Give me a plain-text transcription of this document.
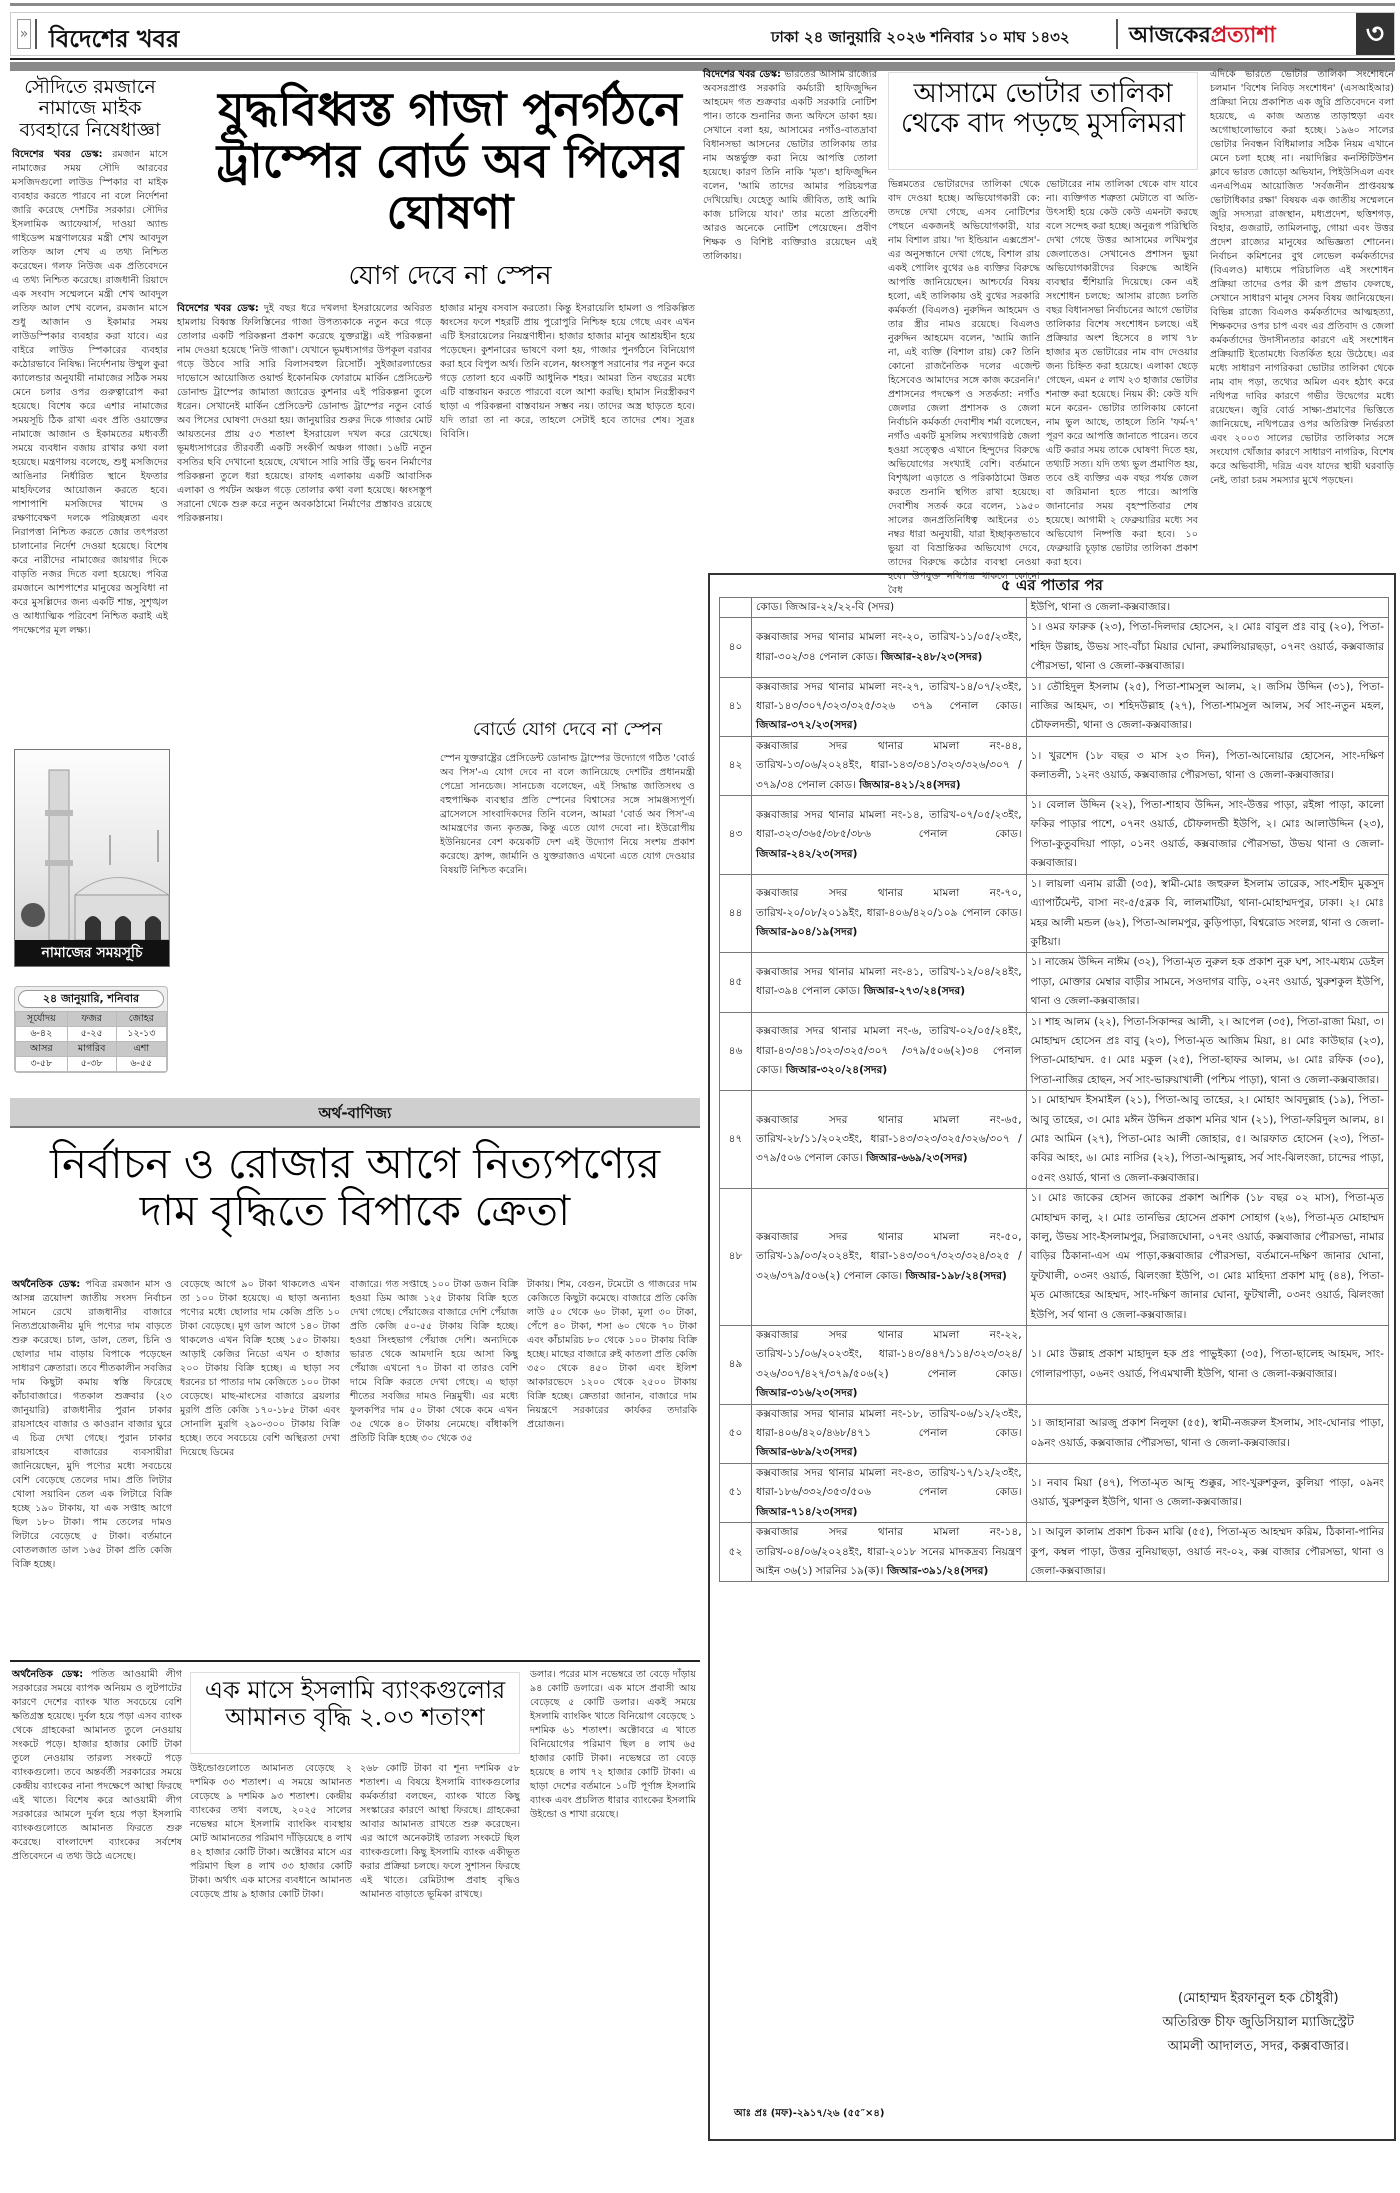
» বিদেশের খবর	ঢাকা ২৪ জানুয়ারি ২০২৬ শনিবার ১০ মাঘ ১৪৩২	আজকেরপ্রত্যাশা	৩
সৌদিতে রমজানে নামাজে মাইক ব্যবহারে নিষেধাজ্ঞা
বিদেশের খবর ডেস্ক: রমজান মাসে নামাজের সময় সৌদি আরবের মসজিদগুলো লাউড স্পিকার বা মাইক ব্যবহার করতে পারবে না বলে নির্দেশনা জারি করেছে দেশটির সরকার। সৌদির ইসলামিক অ্যাফেয়ার্স, দাওয়া অ্যান্ড গাইডেন্স মন্ত্রণালয়ের মন্ত্রী শেখ আবদুল লতিফ আল শেখ এ তথ্য নিশ্চিত করেছেন। গলফ নিউজ এক প্রতিবেদনে এ তথ্য নিশ্চিত করেছে। রাজধানী রিয়াদে এক সংবাদ সম্মেলনে মন্ত্রী শেখ আবদুল লতিফ আল শেখ বলেন, রমজান মাসে শুধু আজান ও ইকামার সময় লাউডস্পিকার ব্যবহার করা যাবে। এর বাইরে লাউড স্পিকারের ব্যবহার কঠোরভাবে নিষিদ্ধ। নির্দেশনায় উম্মুল কুরা ক্যালেন্ডার অনুযায়ী নামাজের সঠিক সময় মেনে চলার ওপর গুরুত্বারোপ করা হয়েছে। বিশেষ করে এশার নামাজের সময়সূচি ঠিক রাখা এবং প্রতি ওয়াক্তের নামাজে আজান ও ইকামতের মধ্যবর্তী সময়ে ব্যবধান বজায় রাখার কথা বলা হয়েছে। মন্ত্রণালয় বলেছে, শুধু মসজিদের আঙিনার নির্ধারিত স্থানে ইফতার মাহফিলের আয়োজন করতে হবে। পাশাপাশি মসজিদের খাদেম ও রক্ষণাবেক্ষণ দলকে পরিচ্ছন্নতা এবং নিরাপত্তা নিশ্চিত করতে জোর তৎপরতা চালানোর নির্দেশ দেওয়া হয়েছে। বিশেষ করে নারীদের নামাজের জায়গার দিকে বাড়তি নজর দিতে বলা হয়েছে। পবিত্র রমজানে আশপাশের মানুষের অসুবিধা না করে মুসল্লিদের জন্য একটি শান্ত, সুশৃঙ্খল ও আধ্যাত্মিক পরিবেশ নিশ্চিত করাই এই পদক্ষেপের মূল লক্ষ্য।
নামাজের সময়সূচি
২৪ জানুয়ারি, শনিবার
সূর্যোদয়	ফজর	জোহর
৬-৪২	৫-২৫	১২-১৩
আসর	মাগরিব	এশা
৩-৫৮	৫-৩৮	৬-৫৫
যুদ্ধবিধ্বস্ত গাজা পুনর্গঠনে ট্রাম্পের বোর্ড অব পিসের ঘোষণা
যোগ দেবে না স্পেন
বিদেশের খবর ডেস্ক: দুই বছর ধরে দখলদা ইসরায়েলের অবিরত হামলায় বিধ্বস্ত ফিলিস্তিনের গাজা উপত্যকাকে নতুন করে গড়ে তোলার একটি পরিকল্পনা প্রকাশ করেছে যুক্তরাষ্ট্র। এই পরিকল্পনা নাম দেওয়া হয়েছে 'নিউ গাজা'। যেখানে ভূমধ্যসাগর উপকূল বরাবর গড়ে উঠবে সারি সারি বিলাসবহুল রিসোর্ট। সুইজারল্যান্ডের দাভোসে আয়োজিত ওয়ার্ল্ড ইকোনমিক ফোরামে মার্কিন প্রেসিডেন্ট ডোনাল্ড ট্রাম্পের জামাতা জ্যারেড কুশনার এই পরিকল্পনা তুলে ধরেন। সেখানেই মার্কিন প্রেসিডেন্ট ডোনাল্ড ট্রাম্পের নতুন বোর্ড অব পিসের ঘোষণা দেওয়া হয়। জানুয়ারির শুরুর দিকে গাজার মোট আয়তনের প্রায় ৫৩ শতাংশ ইসরায়েল দখল করে রেখেছে। ভূমধ্যসাগরের তীরবর্তী একটি সংকীর্ণ অঞ্চল গাজা। ১৬টি নতুন বসতির ছবি দেখানো হয়েছে, যেখানে সারি সারি উঁচু ভবন নির্মাণের পরিকল্পনা তুলে ধরা হয়েছে। রাফাহ এলাকায় একটি আবাসিক এলাকা ও পর্যটন অঞ্চল গড়ে তোলার কথা বলা হয়েছে। ধ্বংসস্তূপ সরানো থেকে শুরু করে নতুন অবকাঠামো নির্মাণের প্রস্তাবও রয়েছে পরিকল্পনায়।
হাজার মানুষ বসবাস করতো। কিন্তু ইসরায়েলি হামলা ও পরিকল্পিত ধ্বংসের ফলে শহরটি প্রায় পুরোপুরি নিশ্চিহ্ন হয়ে গেছে এবং এখন এটি ইসরায়েলের নিয়ন্ত্রণাধীন। হাজার হাজার মানুষ আশ্রয়হীন হয়ে পড়েছেন। কুশনারের ভাষণে বলা হয়, গাজার পুনর্গঠনে বিনিয়োগ করা হবে বিপুল অর্থ। তিনি বলেন, ধ্বংসস্তূপ সরানোর পর নতুন করে গড়ে তোলা হবে একটি আধুনিক শহর। আমরা তিন বছরের মধ্যে এটি বাস্তবায়ন করতে পারবো বলে আশা করছি। হামাস নিরস্ত্রীকরণ ছাড়া এ পরিকল্পনা বাস্তবায়ন সম্ভব নয়। তাদের অস্ত্র ছাড়তে হবে। যদি তারা তা না করে, তাহলে সেটাই হবে তাদের শেষ। সূত্রঃ বিবিসি।
বোর্ডে যোগ দেবে না স্পেন
স্পেন যুক্তরাষ্ট্রের প্রেসিডেন্ট ডোনাল্ড ট্রাম্পের উদ্যোগে গঠিত 'বোর্ড অব পিস'-এ যোগ দেবে না বলে জানিয়েছে দেশটির প্রধানমন্ত্রী পেদ্রো সানচেজ। সানচেজ বলেছেন, এই সিদ্ধান্ত জাতিসংঘ ও বহুপাক্ষিক ব্যবস্থার প্রতি স্পেনের বিশ্বাসের সঙ্গে সামঞ্জস্যপূর্ণ। ব্রাসেলসে সাংবাদিকদের তিনি বলেন, আমরা 'বোর্ড অব পিস'-এ আমন্ত্রণের জন্য কৃতজ্ঞ, কিন্তু এতে যোগ দেবো না। ইউরোপীয় ইউনিয়নের বেশ কয়েকটি দেশ এই উদ্যোগ নিয়ে সংশয় প্রকাশ করেছে। ফ্রান্স, জার্মানি ও যুক্তরাজ্যও এখনো এতে যোগ দেওয়ার বিষয়টি নিশ্চিত করেনি।
বিদেশের খবর ডেস্ক: ভারতের আসাম রাজ্যের অবসরপ্রাপ্ত সরকারি কর্মচারী হাফিজুদ্দিন আহমেদ গত শুক্রবার একটি সরকারি নোটিশ পান। তাকে শুনানির জন্য অফিসে ডাকা হয়। সেখানে বলা হয়, আসামের নগাঁও-বাতদ্রাবা বিধানসভা আসনের ভোটার তালিকায় তার নাম অন্তর্ভুক্ত করা নিয়ে আপত্তি তোলা হয়েছে। কারণ তিনি নাকি 'মৃত'। হাফিজুদ্দিন বলেন, 'আমি তাদের আমার পরিচয়পত্র দেখিয়েছি। যেহেতু আমি জীবিত, তাই আমি কাজ চালিয়ে যাব।' তার মতো প্রতিবেশী আরও অনেকে নোটিশ পেয়েছেন। প্রবীণ শিক্ষক ও বিশিষ্ট ব্যক্তিরাও রয়েছেন এই তালিকায়।
আসামে ভোটার তালিকা থেকে বাদ পড়ছে মুসলিমরা
ভিন্নমতের ভোটারদের তালিকা থেকে বাদ দেওয়া হচ্ছে। অভিযোগকারী কে: তদন্তে দেখা গেছে, এসব নোটিশের পেছনে একজনই অভিযোগকারী, যার নাম বিশাল রায়। 'দ্য ইন্ডিয়ান এক্সপ্রেস'-এর অনুসন্ধানে দেখা গেছে, বিশাল রায় একই পোলিং বুথের ৬৪ ব্যক্তির বিরুদ্ধে আপত্তি জানিয়েছেন। আশ্চর্যের বিষয় হলো, এই তালিকায় ওই বুথের সরকারি কর্মকর্তা (বিএলও) নুরুদ্দিন আহমেদ ও তার স্ত্রীর নামও রয়েছে। বিএলও নুরুদ্দিন আহমেদ বলেন, 'আমি জানি না, এই ব্যক্তি (বিশাল রায়) কে? তিনি কোনো রাজনৈতিক দলের এজেন্ট হিসেবেও আমাদের সঙ্গে কাজ করেননি।' প্রশাসনের পদক্ষেপ ও সতর্কতা: নগাঁও জেলার জেলা প্রশাসক ও জেলা নির্বাচনি কর্মকর্তা দেবাশীষ শর্মা বলেছেন, নগাঁও একটি মুসলিম সংখ্যাগরিষ্ঠ জেলা হওয়া সত্ত্বেও এখানে হিন্দুদের বিরুদ্ধে অভিযোগের সংখ্যাই বেশি। বর্তমানে বিশৃঙ্খলা এড়াতে ও পরিকাঠামো উন্নত করতে শুনানি স্থগিত রাখা হয়েছে। দেবাশীষ সতর্ক করে বলেন, ১৯৫০ সালের জনপ্রতিনিধিত্ব আইনের ৩১ নম্বর ধারা অনুযায়ী, যারা ইচ্ছাকৃতভাবে ভুয়া বা বিভ্রান্তিকর অভিযোগ দেবে, তাদের বিরুদ্ধে কঠোর ব্যবস্থা নেওয়া হবে। উপযুক্ত নথিপত্র থাকলে কোনো বৈধ
ভোটারের নাম তালিকা থেকে বাদ যাবে না। ব্যক্তিগত শত্রুতা মেটাতে বা অতি-উৎসাহী হয়ে কেউ কেউ এমনটা করছে বলে সন্দেহ করা হচ্ছে। অনুরূপ পরিস্থিতি দেখা গেছে উত্তর আসামের লখিমপুর জেলাতেও। সেখানেও প্রশাসন ভুয়া অভিযোগকারীদের বিরুদ্ধে আইনি ব্যবস্থার হুঁশিয়ারি দিয়েছে। কেন এই সংশোধন চলছে: আসাম রাজ্যে চলতি বছর বিধানসভা নির্বাচনের আগে ভোটার তালিকার বিশেষ সংশোধন চলছে। এই প্রক্রিয়ার অংশ হিসেবে ৪ লাখ ৭৮ হাজার মৃত ভোটারের নাম বাদ দেওয়ার জন্য চিহ্নিত করা হয়েছে। এলাকা ছেড়ে গেছেন, এমন ৫ লাখ ২৩ হাজার ভোটার শনাক্ত করা হয়েছে। নিয়ম কী: কেউ যদি মনে করেন- ভোটার তালিকায় কোনো নাম ভুল আছে, তাহলে তিনি 'ফর্ম-৭' পূরণ করে আপত্তি জানাতে পারেন। তবে এটি করার সময় তাকে ঘোষণা দিতে হয়, তথ্যটি সত্য। যদি তথ্য ভুল প্রমাণিত হয়, তবে ওই ব্যক্তির এক বছর পর্যন্ত জেল বা জরিমানা হতে পারে। আপত্তি জানানোর সময় বৃহস্পতিবার শেষ হয়েছে। আগামী ২ ফেব্রুয়ারির মধ্যে সব অভিযোগ নিষ্পত্তি করা হবে। ১০ ফেব্রুয়ারি চূড়ান্ত ভোটার তালিকা প্রকাশ করা হবে।
এদিকে ভারতে ভোটার তালিকা সংশোধনে চলমান 'বিশেষ নিবিড় সংশোধন' (এসআইআর) প্রক্রিয়া নিয়ে প্রকাশিত এক জুরি প্রতিবেদনে বলা হয়েছে, এ কাজ অত্যন্ত তাড়াহুড়া এবং অগোছালোভাবে করা হচ্ছে। ১৯৬০ সালের ভোটার নিবন্ধন বিধিমালার সঠিক নিয়ম এখানে মেনে চলা হচ্ছে না। নয়াদিল্লির কনস্টিটিউশন ক্লাবে ভারত জোড়ো অভিযান, পিইউসিএল এবং এনএপিএম আয়োজিত 'সর্বজনীন প্রাপ্তবয়স্ক ভোটাধিকার রক্ষা' বিষয়ক এক জাতীয় সম্মেলনে জুরি সদস্যরা রাজস্থান, মধ্যপ্রদেশ, ছত্তিশগড়, বিহার, গুজরাট, তামিলনাড়ু, গোয়া এবং উত্তর প্রদেশ রাজ্যের মানুষের অভিজ্ঞতা শোনেন। নির্বাচন কমিশনের বুথ লেভেল কর্মকর্তাদের (বিএলও) মাধ্যমে পরিচালিত এই সংশোধন প্রক্রিয়া তাদের ওপর কী রূপ প্রভাব ফেলছে, সেখানে সাধারণ মানুষ সেসব বিষয় জানিয়েছেন। বিভিন্ন রাজ্যে বিএলও কর্মকর্তাদের আত্মহত্যা, শিক্ষকদের ওপর চাপ এবং এর প্রতিবাদ ও জেলা কর্মকর্তাদের উদাসীনতার কারণে এই সংশোধন প্রক্রিয়াটি ইতোমধ্যে বিতর্কিত হয়ে উঠেছে। এর মধ্যে সাধারণ নাগরিকরা ভোটার তালিকা থেকে নাম বাদ পড়া, তথ্যের অমিল এবং হঠাৎ করে নথিপত্র দাবির কারণে গভীর উদ্বেগের মধ্যে রয়েছেন। জুরি বোর্ড সাক্ষ্য-প্রমাণের ভিত্তিতে জানিয়েছে, নথিপত্রের ওপর অতিরিক্ত নির্ভরতা এবং ২০০৩ সালের ভোটার তালিকার সঙ্গে সংযোগ খোঁজার কারণে সাধারণ নাগরিক, বিশেষ করে অভিবাসী, দরিদ্র এবং যাদের স্থায়ী ঘরবাড়ি নেই, তারা চরম সমস্যার মুখে পড়ছেন।
৫ এর পাতার পর
	কোড। জিআর-২২/২২-বি (সদর)	ইউপি, থানা ও জেলা-কক্সবাজার।
৪০	কক্সবাজার সদর থানার মামলা নং-২০, তারিখ-১১/০৫/২৩ইং, ধারা-৩০২/৩৪ পেনাল কোড। জিআর-২৪৮/২৩(সদর)	১। ওমর ফারুক (২৩), পিতা-দিলদার হোসেন, ২। মোঃ বাবুল প্রঃ বাবু (২০), পিতা-শহিদ উল্লাহ, উভয় সাং-বাঁচা মিয়ার ঘোনা, রুমালিয়ারছড়া, ০৭নং ওয়ার্ড, কক্সবাজার পৌরসভা, থানা ও জেলা-কক্সবাজার।
৪১	কক্সবাজার সদর থানার মামলা নং-২৭, তারিখ-১৪/০৭/২৩ইং, ধারা-১৪৩/৩০৭/৩২৩/৩২৫/৩২৬ ৩৭৯ পেনাল কোড। জিআর-৩৭২/২৩(সদর)	১। তৌহিদুল ইসলাম (২৫), পিতা-শামসুল আলম, ২। জসিম উদ্দিন (৩১), পিতা-নাজির আহমদ, ৩। শহিদউল্লাহ (২৭), পিতা-শামসুল আলম, সর্ব সাং-নতুন মহল, চৌফলদন্ডী, থানা ও জেলা-কক্সবাজার।
৪২	কক্সবাজার সদর থানার মামলা নং-৪৪, তারিখ-১৩/০৬/২০২৪ইং, ধারা-১৪৩/৩৪১/৩২৩/৩২৬/৩০৭ /৩৭৯/৩৪ পেনাল কোড। জিআর-৪২১/২৪(সদর)	১। খুরশেদ (১৮ বছর ৩ মাস ২৩ দিন), পিতা-আনোয়ার হোসেন, সাং-দক্ষিণ কলাতলী, ১২নং ওয়ার্ড, কক্সবাজার পৌরসভা, থানা ও জেলা-কক্সবাজার।
৪৩	কক্সবাজার সদর থানার মামলা নং-১৪, তারিখ-০৭/০৫/২৩ইং, ধারা-৩২৩/৩৬৫/৩৮৫/৩৮৬ পেনাল কোড। জিআর-২৪২/২৩(সদর)	১। বেলাল উদ্দিন (২২), পিতা-শাহাব উদ্দিন, সাং-উত্তর পাড়া, রইঙ্গা পাড়া, কালো ফকির পাড়ার পাশে, ০৭নং ওয়ার্ড, চৌফলদন্ডী ইউপি, ২। মোঃ আলাউদ্দিন (২৩), পিতা-কুতুবদিয়া পাড়া, ০১নং ওয়ার্ড, কক্সবাজার পৌরসভা, উভয় থানা ও জেলা-কক্সবাজার।
৪৪	কক্সবাজার সদর থানার মামলা নং-৭০, তারিখ-২০/০৮/২০১৯ইং, ধারা-৪০৬/৪২০/১০৯ পেনাল কোড। জিআর-৯০৪/১৯(সদর)	১। লায়লা এনাম রাত্রী (৩৫), স্বামী-মোঃ জহুরুল ইসলাম তারেক, সাং-শহীদ মুকসুদ এ্যাপার্টমেন্ট, বাসা নং-৫/৫ব্লক বি, লালমাটিয়া, থানা-মোহাম্মদপুর, ঢাকা। ২। মোঃ মহর আলী মন্ডল (৬২), পিতা-আলমপুর, কুড়িপাড়া, বিশ্বরোড সংলগ্ন, থানা ও জেলা-কুষ্টিয়া।
৪৫	কক্সবাজার সদর থানার মামলা নং-৪১, তারিখ-১২/০৪/২৪ইং, ধারা-৩৯৪ পেনাল কোড। জিআর-২৭৩/২৪(সদর)	১। নাজেম উদ্দিন নাঈম (৩২), পিতা-মৃত নুরুল হক প্রকাশ নুরু ঘশ, সাং-মধ্যম ডেইল পাড়া, মোক্তার মেম্বার বাড়ীর সামনে, সওদাগর বাড়ি, ০২নং ওয়ার্ড, খুরুশকুল ইউপি, থানা ও জেলা-কক্সবাজার।
৪৬	কক্সবাজার সদর থানার মামলা নং-৬, তারিখ-০২/০৫/২৪ইং, ধারা-৪৩/৩৪১/৩২৩/৩২৫/৩০৭ /৩৭৯/৫০৬(২)৩৪ পেনাল কোড। জিআর-৩২০/২৪(সদর)	১। শাহ আলম (২২), পিতা-সিকান্দর আলী, ২। আপেল (৩৫), পিতা-রাজা মিয়া, ৩। মোহাম্মদ হোসেন প্রঃ বাবু (২৩), পিতা-মৃত আজিম মিয়া, ৪। মোঃ কাউছার (২৩), পিতা-মোহাম্মদ. ৫। মোঃ মকুল (২৫), পিতা-ছাফর আলম, ৬। মোঃ রফিক (৩০), পিতা-নাজির হোছন, সর্ব সাং-ভারুয়াখালী (পশ্চিম পাড়া), থানা ও জেলা-কক্সবাজার।
৪৭	কক্সবাজার সদর থানার মামলা নং-৬৫, তারিখ-২৮/১১/২০২৩ইং, ধারা-১৪৩/৩২৩/৩২৫/৩২৬/৩০৭ /৩৭৯/৫০৬ পেনাল কোড। জিআর-৬৬৯/২৩(সদর)	১। মোহাম্মদ ইসমাইল (২১), পিতা-আবু তাহের, ২। মোহাং আবদুল্লাহ (১৯), পিতা-আবু তাহের, ৩। মোঃ মঈন উদ্দিন প্রকাশ মনির খান (২১), পিতা-ফরিদুল আলম, ৪। মোঃ আমিন (২৭), পিতা-মোঃ আলী জোহার, ৫। আরফাত হোসেন (২৩), পিতা-কবির আহং, ৬। মোঃ নাসির (২২), পিতা-আব্দুল্লাহ, সর্ব সাং-ঝিলংজা, চান্দের পাড়া, ০৫নং ওয়ার্ড, থানা ও জেলা-কক্সবাজার।
৪৮	কক্সবাজার সদর থানার মামলা নং-৫০, তারিখ-১৯/০৩/২০২৪ইং, ধারা-১৪৩/৩০৭/৩২৩/৩২৪/৩২৫ /৩২৬/৩৭৯/৫০৬(২) পেনাল কোড। জিআর-১৯৮/২৪(সদর)	১। মোঃ জাকের হোসন জাকের প্রকাশ আশিক (১৮ বছর ০২ মাস), পিতা-মৃত মোহাম্মদ কালু, ২। মোঃ তানভির হোসেন প্রকাশ সোহাগ (২৬), পিতা-মৃত মোহাম্মদ কালু, উভয় সাং-ইসলামপুর, সিরাজঘোনা, ০৭নং ওয়ার্ড, কক্সবাজার পৌরসভা, নামার বাড়ির ঠিকানা-এস এম পাড়া,কক্সবাজার পৌরসভা, বর্তমানে-দক্ষিণ জানার ঘোনা, ফুটখালী, ০৩নং ওয়ার্ড, ঝিলংজা ইউপি, ৩। মোঃ মাহিদ্যা প্রকাশ মাদু (৪৪), পিতা-মৃত মোজাহের আহম্মদ, সাং-দক্ষিণ জানার ঘোনা, ফুটখালী, ০৩নং ওয়ার্ড, ঝিলংজা ইউপি, সর্ব থানা ও জেলা-কক্সবাজার।
৪৯	কক্সবাজার সদর থানার মামলা নং-২২, তারিখ-১১/০৬/২০২৩ইং, ধারা-১৪৩/৪৪৭/১১৪/৩২৩/৩২৪/ ৩২৬/৩০৭/৪২৭/৩৭৯/৫০৬(২) পেনাল কোড। জিআর-৩১৬/২৩(সদর)	১। মোঃ উল্লাহ প্রকাশ মাহাদুল হক প্রঃ পাভুইক্যা (৩৫), পিতা-ছালেহ আহমদ, সাং-গোলারপাড়া, ০৬নং ওয়ার্ড, পিএমখালী ইউপি, থানা ও জেলা-কক্সবাজার।
৫০	কক্সবাজার সদর থানার মামলা নং-১৮, তারিখ-০৬/১২/২৩ইং, ধারা-৪০৬/৪২০/৪৬৮/৪৭১ পেনাল কোড। জিআর-৬৮৯/২৩(সদর)	১। জাহানারা আরজু প্রকাশ নিলুফা (৫৫), স্বামী-নজরুল ইসলাম, সাং-ঘোনার পাড়া, ০৯নং ওয়ার্ড, কক্সবাজার পৌরসভা, থানা ও জেলা-কক্সবাজার।
৫১	কক্সবাজার সদর থানার মামলা নং-৪৩, তারিখ-১৭/১২/২৩ইং, ধারা-১৮৬/৩৩২/৩৫৩/৫০৬ পেনাল কোড। জিআর-৭১৪/২৩(সদর)	১। নবাব মিয়া (৪৭), পিতা-মৃত আব্দু শুক্কুর, সাং-খুরুশকুল, কুলিয়া পাড়া, ০৯নং ওয়ার্ড, খুরুশকুল ইউপি, থানা ও জেলা-কক্সবাজার।
৫২	কক্সবাজার সদর থানার মামলা নং-১৪, তারিখ-০৪/০৬/২০২৪ইং, ধারা-২০১৮ সনের মাদকদ্রব্য নিয়ন্ত্রণ আইন ৩৬(১) সারনির ১৯(ক)। জিআর-৩৯১/২৪(সদর)	১। আবুল কালাম প্রকাশ চিকন মাঝি (৫৫), পিতা-মৃত আহম্মদ করিম, ঠিকানা-পানির কুপ, কম্বল পাড়া, উত্তর নুনিয়াছড়া, ওয়ার্ড নং-০২, কক্স বাজার পৌরসভা, থানা ও জেলা-কক্সবাজার।
(মোহাম্মদ ইরফানুল হক চৌধুরী)
অতিরিক্ত চীফ জুডিসিয়াল ম্যাজিস্ট্রেট
আমলী আদালত, সদর, কক্সবাজার।
আঃ প্রঃ (মফ)-২৯১৭/২৬ (৫৫″×৪)
অর্থ-বাণিজ্য
নির্বাচন ও রোজার আগে নিত্যপণ্যের দাম বৃদ্ধিতে বিপাকে ক্রেতা
অর্থনৈতিক ডেস্ক: পবিত্র রমজান মাস ও আসন্ন ত্রয়োদশ জাতীয় সংসদ নির্বাচন সামনে রেখে রাজধানীর বাজারে নিত্যপ্রয়োজনীয় মুদি পণ্যের দাম বাড়তে শুরু করেছে। চাল, ডাল, তেল, চিনি ও ছোলার দাম বাড়ায় বিপাকে পড়েছেন সাধারণ ক্রেতারা। তবে শীতকালীন সবজির দাম কিছুটা কমায় স্বস্তি ফিরেছে কাঁচাবাজারে। গতকাল শুক্রবার (২৩ জানুয়ারি) রাজধানীর পুরান ঢাকার রায়সাহেব বাজার ও কাওরান বাজার ঘুরে এ চিত্র দেখা গেছে। পুরান ঢাকার রায়সাহেব বাজারের ব্যবসায়ীরা জানিয়েছেন, মুদি পণ্যের মধ্যে সবচেয়ে বেশি বেড়েছে তেলের দাম। প্রতি লিটার খোলা সয়াবিন তেল এক লিটারে বিক্রি হচ্ছে ১৯০ টাকায়, যা এক সপ্তাহ আগে ছিল ১৮০ টাকা। পাম তেলের দামও লিটারে বেড়েছে ৫ টাকা। বর্তমানে বোতলজাত ডাল ১৬৫ টাকা প্রতি কেজি বিক্রি হচ্ছে।
বেড়েছে আগে ৯০ টাকা থাকলেও এখন তা ১০০ টাকা হয়েছে। এ ছাড়া অন্যান্য পণ্যের মধ্যে ছোলার দাম কেজি প্রতি ১০ টাকা বেড়েছে। মুগ ডাল আগে ১৪০ টাকা থাকলেও এখন বিক্রি হচ্ছে ১৫০ টাকায়। আড়াই কেজির নিডো এখন ৩ হাজার ২০০ টাকায় বিক্রি হচ্ছে। এ ছাড়া সব ধরনের চা পাতার দাম কেজিতে ১০০ টাকা বেড়েছে। মাছ-মাংসের বাজারে ব্রয়লার মুরগি প্রতি কেজি ১৭০-১৮৫ টাকা এবং সোনালি মুরগি ২৯০-৩০০ টাকায় বিক্রি হচ্ছে। তবে সবচেয়ে বেশি অস্থিরতা দেখা দিয়েছে ডিমের
বাজারে। গত সপ্তাহে ১০০ টাকা ডজন বিক্রি হওয়া ডিম আজ ১২৫ টাকায় বিক্রি হতে দেখা গেছে। পেঁয়াজের বাজারে দেশি পেঁয়াজ প্রতি কেজি ৫০-৫৫ টাকায় বিক্রি হচ্ছে। হওয়া সিংহভাগ পেঁয়াজ দেশি। অন্যদিকে ভারত থেকে আমদানি হয়ে আসা কিছু পেঁয়াজ এখনো ৭০ টাকা বা তারও বেশি দামে বিক্রি করতে দেখা গেছে। এ ছাড়া শীতের সবজির দামও নিম্নমুখী। এর মধ্যে ফুলকপির দাম ৫০ টাকা থেকে কমে এখন ৩৫ থেকে ৪০ টাকায় নেমেছে। বাঁধাকপি প্রতিটি বিক্রি হচ্ছে ৩০ থেকে ৩৫
টাকায়। শিম, বেগুন, টমেটো ও গাজরের দাম কেজিতে কিছুটা কমেছে। বাজারে প্রতি কেজি লাউ ৫০ থেকে ৬০ টাকা, মূলা ৩০ টাকা, পেঁপে ৪০ টাকা, শসা ৬০ থেকে ৭০ টাকা এবং কাঁচামরিচ ৮০ থেকে ১০০ টাকায় বিক্রি হচ্ছে। মাছের বাজারে রুই কাতলা প্রতি কেজি ৩৫০ থেকে ৪৫০ টাকা এবং ইলিশ আকারভেদে ১২০০ থেকে ২৫০০ টাকায় বিক্রি হচ্ছে। ক্রেতারা জানান, বাজারে দাম নিয়ন্ত্রণে সরকারের কার্যকর তদারকি প্রয়োজন।
অর্থনৈতিক ডেস্ক: পতিত আওয়ামী লীগ সরকারের সময়ে ব্যাপক অনিয়ম ও লুটপাটের কারণে দেশের ব্যাংক খাত সবচেয়ে বেশি ক্ষতিগ্রস্ত হয়েছে। দুর্বল হয়ে পড়া এসব ব্যাংক থেকে গ্রাহকেরা আমানত তুলে নেওয়ায় সংকটে পড়ে। হাজার হাজার কোটি টাকা তুলে নেওয়ায় তারল্য সংকটে পড়ে ব্যাংকগুলো। তবে অন্তর্বর্তী সরকারের সময়ে কেন্দ্রীয় ব্যাংকের নানা পদক্ষেপে আস্থা ফিরছে এই খাতে। বিশেষ করে আওয়ামী লীগ সরকারের আমলে দুর্বল হয়ে পড়া ইসলামি ব্যাংকগুলোতে আমানত ফিরতে শুরু করেছে। বাংলাদেশ ব্যাংকের সর্বশেষ প্রতিবেদনে এ তথ্য উঠে এসেছে।
এক মাসে ইসলামি ব্যাংকগুলোর আমানত বৃদ্ধি ২.০৩ শতাংশ
উইন্ডোগুলোতে আমানত বেড়েছে ২ দশমিক ৩৩ শতাংশ। এ সময়ে আমানত বেড়েছে ৯ দশমিক ৯৩ শতাংশ। কেন্দ্রীয় ব্যাংকের তথ্য বলছে, ২০২৫ সালের নভেম্বর মাসে ইসলামি ব্যাংকিং ব্যবস্থায় মোট আমানতের পরিমাণ দাঁড়িয়েছে ৪ লাখ ৪২ হাজার কোটি টাকা। অক্টোবর মাসে এর পরিমাণ ছিল ৪ লাখ ৩৩ হাজার কোটি টাকা। অর্থাৎ এক মাসের ব্যবধানে আমানত বেড়েছে প্রায় ৯ হাজার কোটি টাকা।
২৬৮ কোটি টাকা বা শূন্য দশমিক ৫৮ শতাংশ। এ বিষয়ে ইসলামি ব্যাংকগুলোর কর্মকর্তারা বলছেন, ব্যাংক খাতে কিছু সংস্কারের কারণে আস্থা ফিরছে। গ্রাহকেরা আবার আমানত রাখতে শুরু করেছেন। এর আগে অনেকটাই তারল্য সংকটে ছিল ব্যাংকগুলো। কিছু ইসলামি ব্যাংক একীভূত করার প্রক্রিয়া চলছে। ফলে সুশাসন ফিরছে এই খাতে। রেমিট্যান্স প্রবাহ বৃদ্ধিও আমানত বাড়াতে ভূমিকা রাখছে।
ডলার। পরের মাস নভেম্বরে তা বেড়ে দাঁড়ায় ৯৪ কোটি ডলারে। এক মাসে প্রবাসী আয় বেড়েছে ৫ কোটি ডলার। একই সময়ে ইসলামি ব্যাংকিং খাতে বিনিয়োগ বেড়েছে ১ দশমিক ৬১ শতাংশ। অক্টোবরে এ খাতে বিনিয়োগের পরিমাণ ছিল ৪ লাখ ৬৫ হাজার কোটি টাকা। নভেম্বরে তা বেড়ে হয়েছে ৪ লাখ ৭২ হাজার কোটি টাকা। এ ছাড়া দেশের বর্তমানে ১০টি পূর্ণাঙ্গ ইসলামি ব্যাংক এবং প্রচলিত ধারার ব্যাংকের ইসলামি উইন্ডো ও শাখা রয়েছে।
